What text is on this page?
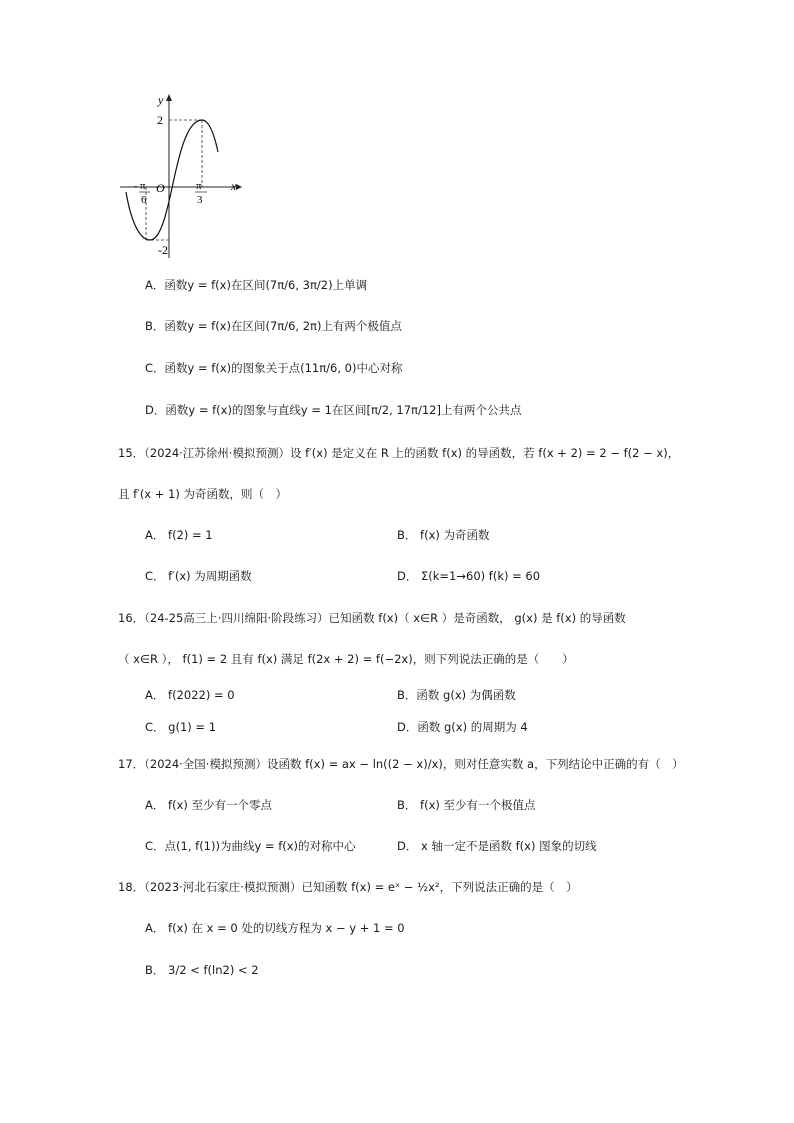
y
x
O
2
-2
- π
6
π
3
A．函数y = f(x)在区间(7π/6, 3π/2)上单调
B．函数y = f(x)在区间(7π/6, 2π)上有两个极值点
C．函数y = f(x)的图象关于点(11π/6, 0)中心对称
D．函数y = f(x)的图象与直线y = 1在区间[π/2, 17π/12]上有两个公共点
15．（2024·江苏徐州·模拟预测）设 f′(x) 是定义在 R 上的函数 f(x) 的导函数，若 f(x + 2) = 2 − f(2 − x)，
且 f′(x + 1) 为奇函数，则（　）
A． f(2) = 1	B． f(x) 为奇函数
C． f′(x) 为周期函数	D． Σ(k=1→60) f(k) = 60
16．（24-25高三上·四川绵阳·阶段练习）已知函数 f(x)（ x∈R ）是奇函数， g(x) 是 f(x) 的导函数
（ x∈R ）， f(1) = 2 且有 f(x) 满足 f(2x + 2) = f(−2x)，则下列说法正确的是（　　）
A． f(2022) = 0	B．函数 g(x) 为偶函数
C． g(1) = 1	D．函数 g(x) 的周期为 4
17．（2024·全国·模拟预测）设函数 f(x) = ax − ln((2 − x)/x)，则对任意实数 a，下列结论中正确的有（　）
A． f(x) 至少有一个零点	B． f(x) 至少有一个极值点
C．点(1, f(1))为曲线y = f(x)的对称中心	D． x 轴一定不是函数 f(x) 图象的切线
18．（2023·河北石家庄·模拟预测）已知函数 f(x) = eˣ − ½x²，下列说法正确的是（　）
A． f(x) 在 x = 0 处的切线方程为 x − y + 1 = 0
B． 3/2 < f(ln2) < 2
